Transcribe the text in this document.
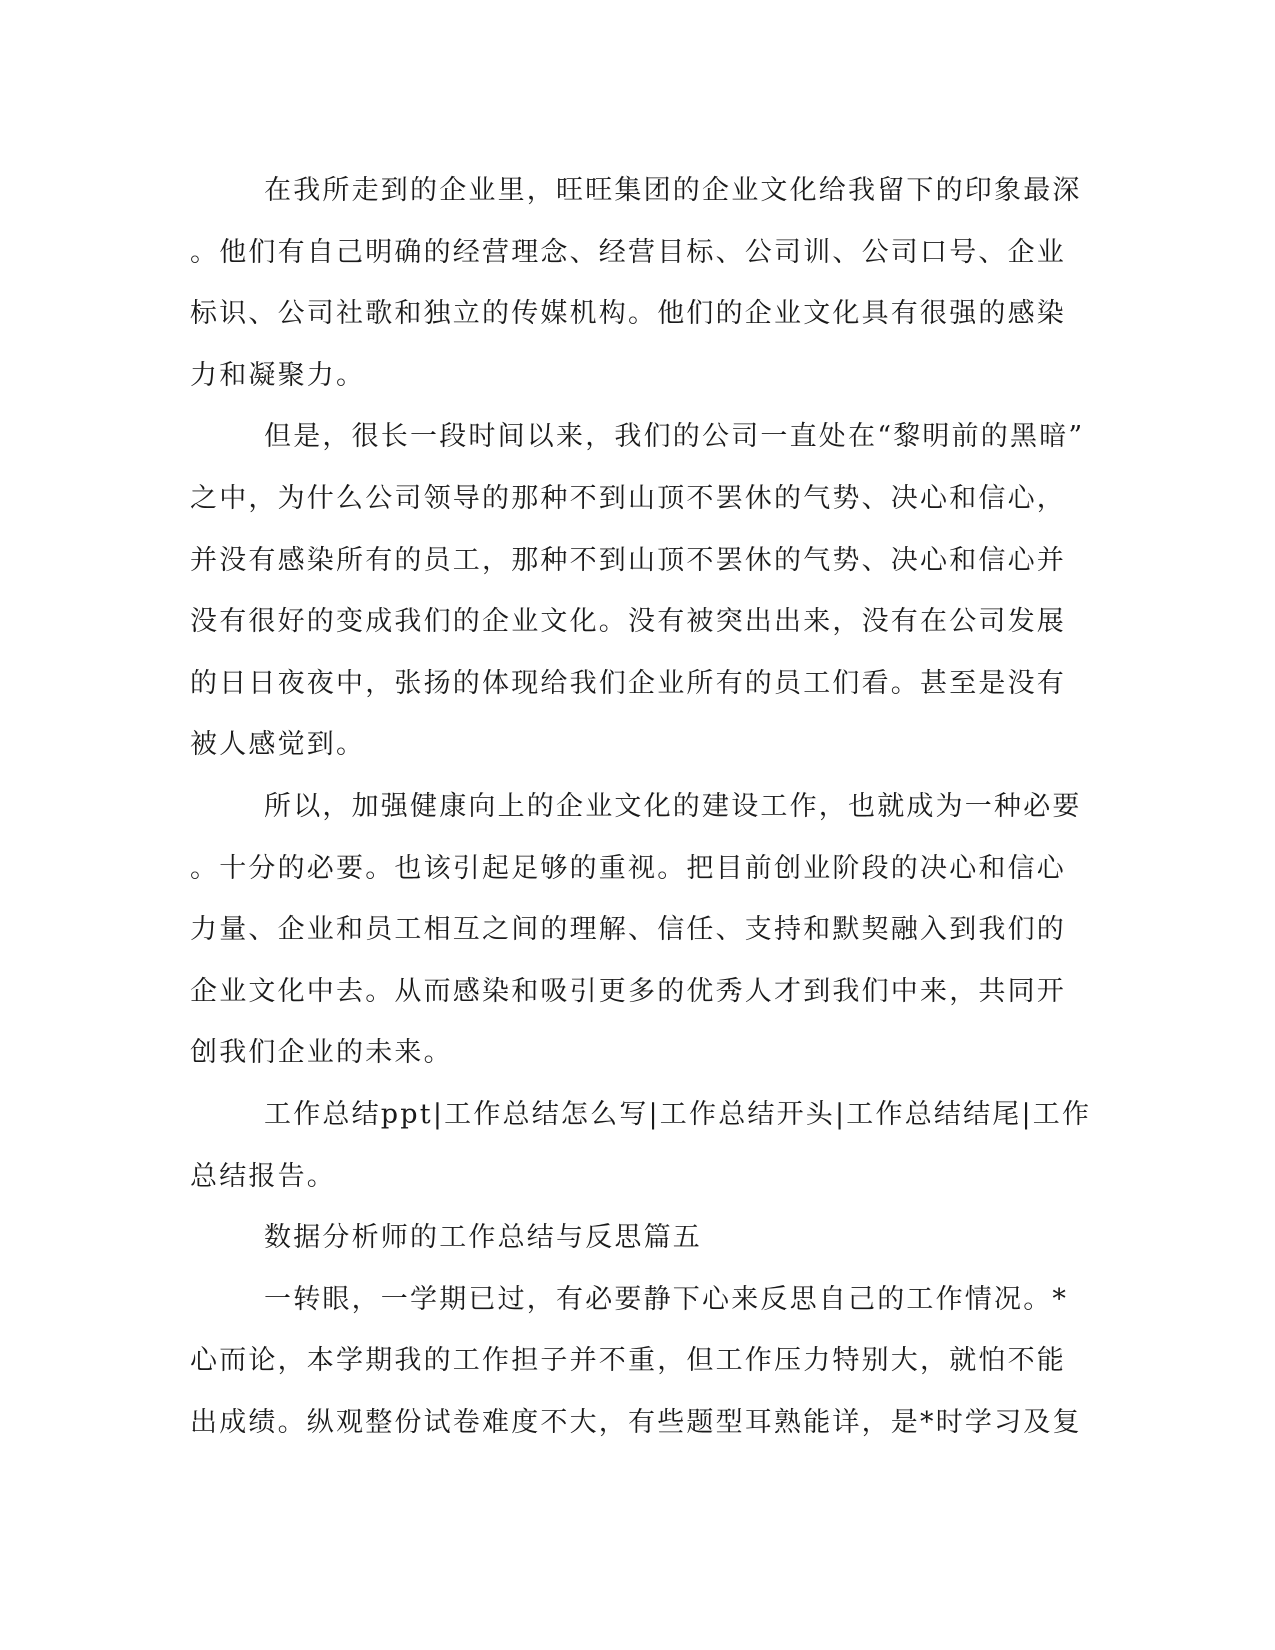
在我所走到的企业里，旺旺集团的企业文化给我留下的印象最深
。他们有自己明确的经营理念、经营目标、公司训、公司口号、企业
标识、公司社歌和独立的传媒机构。他们的企业文化具有很强的感染
力和凝聚力。
但是，很长一段时间以来，我们的公司一直处在“黎明前的黑暗”
之中，为什么公司领导的那种不到山顶不罢休的气势、决心和信心，
并没有感染所有的员工，那种不到山顶不罢休的气势、决心和信心并
没有很好的变成我们的企业文化。没有被突出出来，没有在公司发展
的日日夜夜中，张扬的体现给我们企业所有的员工们看。甚至是没有
被人感觉到。
所以，加强健康向上的企业文化的建设工作，也就成为一种必要
。十分的必要。也该引起足够的重视。把目前创业阶段的决心和信心
力量、企业和员工相互之间的理解、信任、支持和默契融入到我们的
企业文化中去。从而感染和吸引更多的优秀人才到我们中来，共同开
创我们企业的未来。
工作总结ppt|工作总结怎么写|工作总结开头|工作总结结尾|工作
总结报告。
数据分析师的工作总结与反思篇五
一转眼，一学期已过，有必要静下心来反思自己的工作情况。*
心而论，本学期我的工作担子并不重，但工作压力特别大，就怕不能
出成绩。纵观整份试卷难度不大，有些题型耳熟能详，是*时学习及复
